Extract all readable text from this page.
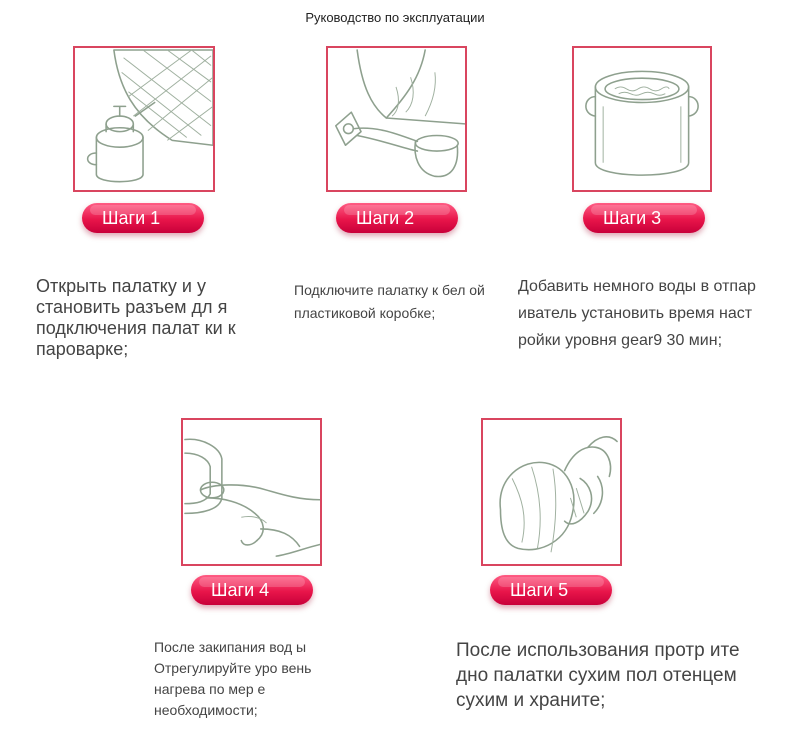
Руководство по эксплуатации
Шаги 1
Открыть палатку и у становить разъем дл я подключения палат ки к пароварке;
Шаги 2
Подключите палатку к бел ой пластиковой коробке;
Шаги 3
Добавить немного воды в отпар иватель установить время наст ройки уровня gear9 30 мин;
Шаги 4
После закипания вод ы Отрегулируйте уро вень нагрева по мер е необходимости;
Шаги 5
После использования протр ите дно палатки сухим пол отенцем сухим и храните;
